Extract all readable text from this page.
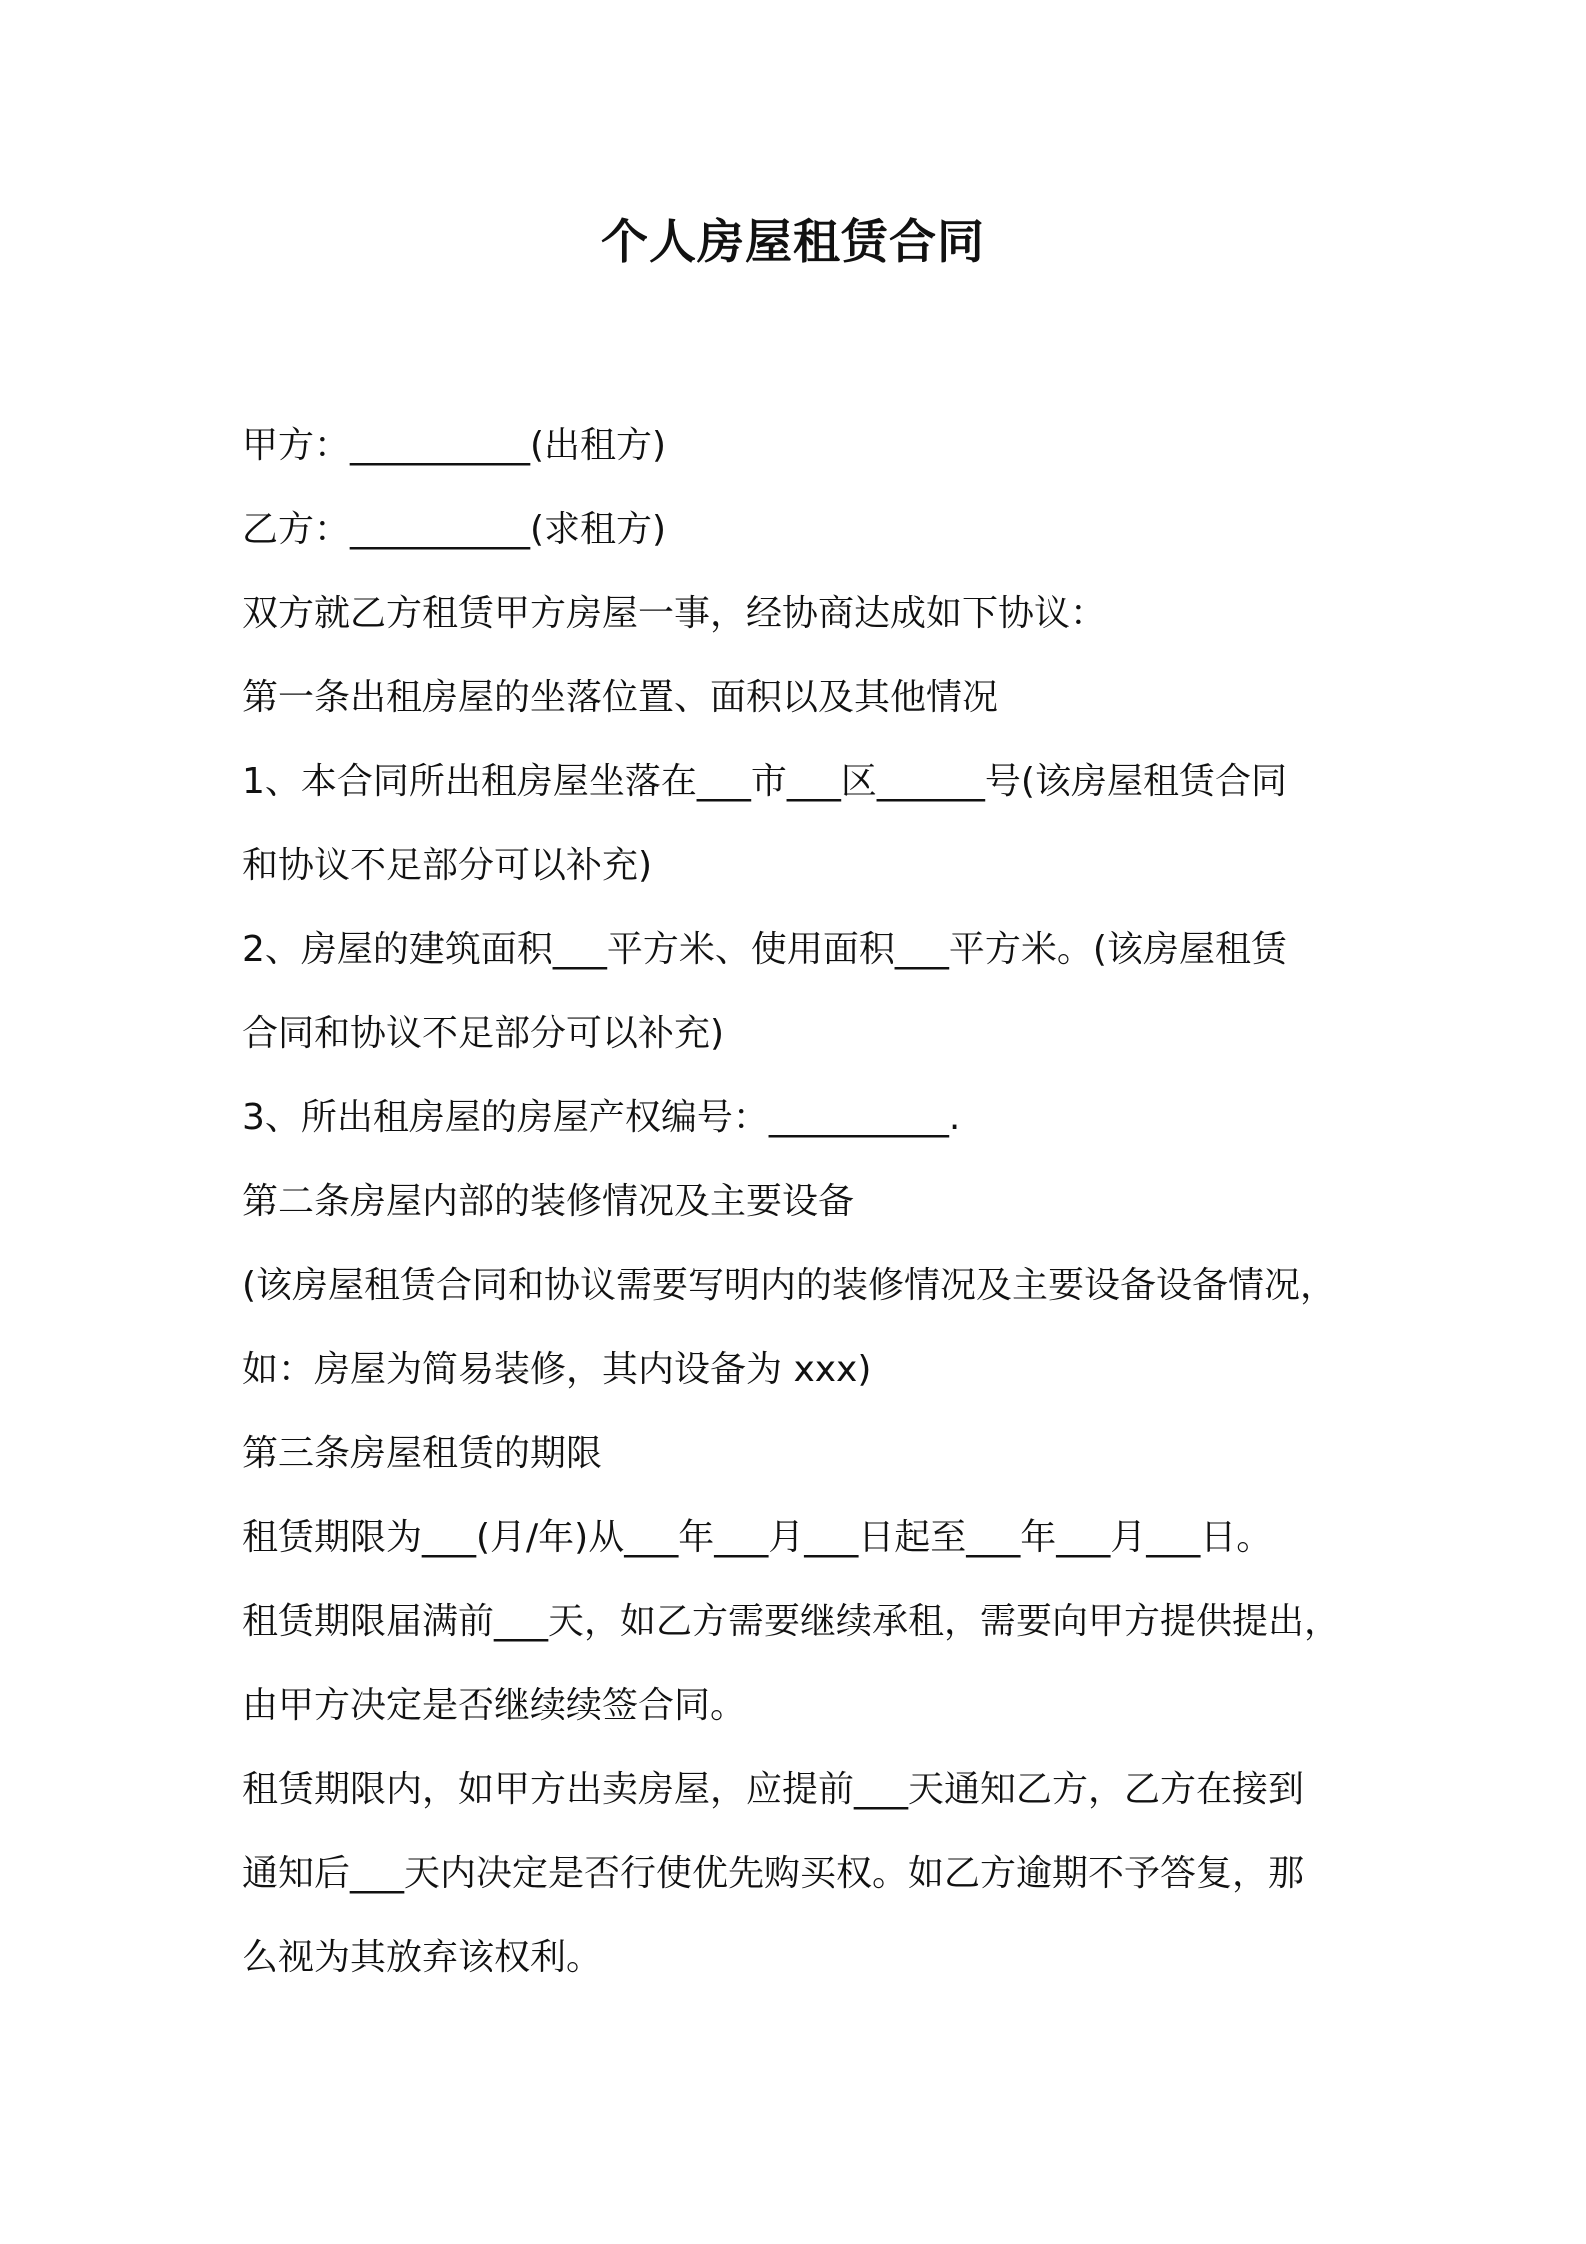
个人房屋租赁合同
甲方：__________(出租方)
乙方：__________(求租方)
双方就乙方租赁甲方房屋一事，经协商达成如下协议：
第一条出租房屋的坐落位置、面积以及其他情况
1、本合同所出租房屋坐落在___市___区______号(该房屋租赁合同
和协议不足部分可以补充)
2、房屋的建筑面积___平方米、使用面积___平方米。(该房屋租赁
合同和协议不足部分可以补充)
3、所出租房屋的房屋产权编号：__________.
第二条房屋内部的装修情况及主要设备
(该房屋租赁合同和协议需要写明内的装修情况及主要设备设备情况，
如：房屋为简易装修，其内设备为 xxx)
第三条房屋租赁的期限
租赁期限为___(月/年)从___年___月___日起至___年___月___日。
租赁期限届满前___天，如乙方需要继续承租，需要向甲方提供提出，
由甲方决定是否继续续签合同。
租赁期限内，如甲方出卖房屋，应提前___天通知乙方，乙方在接到
通知后___天内决定是否行使优先购买权。如乙方逾期不予答复，那
么视为其放弃该权利。
